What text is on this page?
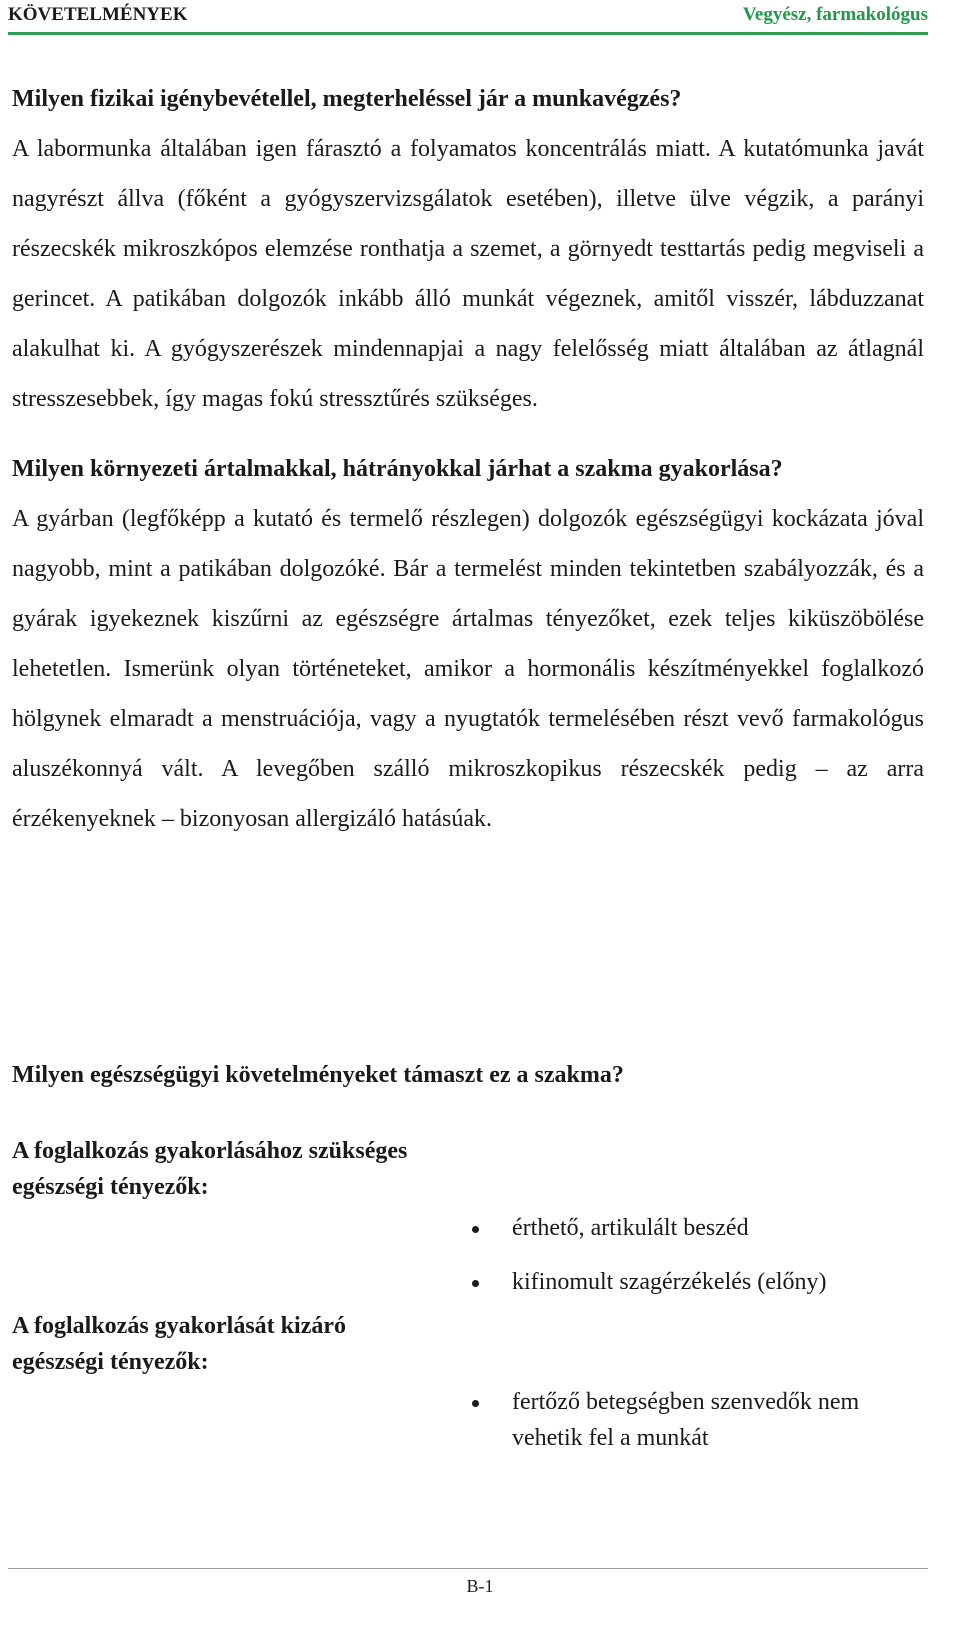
KÖVETELMÉNYEK	Vegyész, farmakológus
Milyen fizikai igénybevétellel, megterheléssel jár a munkavégzés?

A labormunka általában igen fárasztó a folyamatos koncentrálás miatt. A kutatómunka javát nagyrészt állva (főként a gyógyszervizsgálatok esetében), illetve ülve végzik, a parányi részecskék mikroszkópos elemzése ronthatja a szemet, a görnyedt testtartás pedig megviseli a gerincet. A patikában dolgozók inkább álló munkát végeznek, amitől visszér, lábduzzanat alakulhat ki. A gyógyszerészek mindennapjai a nagy felelősség miatt általában az átlagnál stresszesebbek, így magas fokú stressztűrés szükséges.

Milyen környezeti ártalmakkal, hátrányokkal járhat a szakma gyakorlása?

A gyárban (legfőképp a kutató és termelő részlegen) dolgozók egészségügyi kockázata jóval nagyobb, mint a patikában dolgozóké. Bár a termelést minden tekintetben szabályozzák, és a gyárak igyekeznek kiszűrni az egészségre ártalmas tényezőket, ezek teljes kiküszöbölése lehetetlen. Ismerünk olyan történeteket, amikor a hormonális készítményekkel foglalkozó hölgynek elmaradt a menstruációja, vagy a nyugtatók termelésében részt vevő farmakológus aluszékonnyá vált. A levegőben szálló mikroszkopikus részecskék pedig – az arra érzékenyeknek – bizonyosan allergizáló hatásúak.

Milyen egészségügyi követelményeket támaszt ez a szakma?
A foglalkozás gyakorlásához szükséges egészségi tényezők:
A foglalkozás gyakorlását kizáró egészségi tényezők:
érthető, artikulált beszéd
kifinomult szagérzékelés (előny)
fertőző betegségben szenvedők nem vehetik fel a munkát
B-1
